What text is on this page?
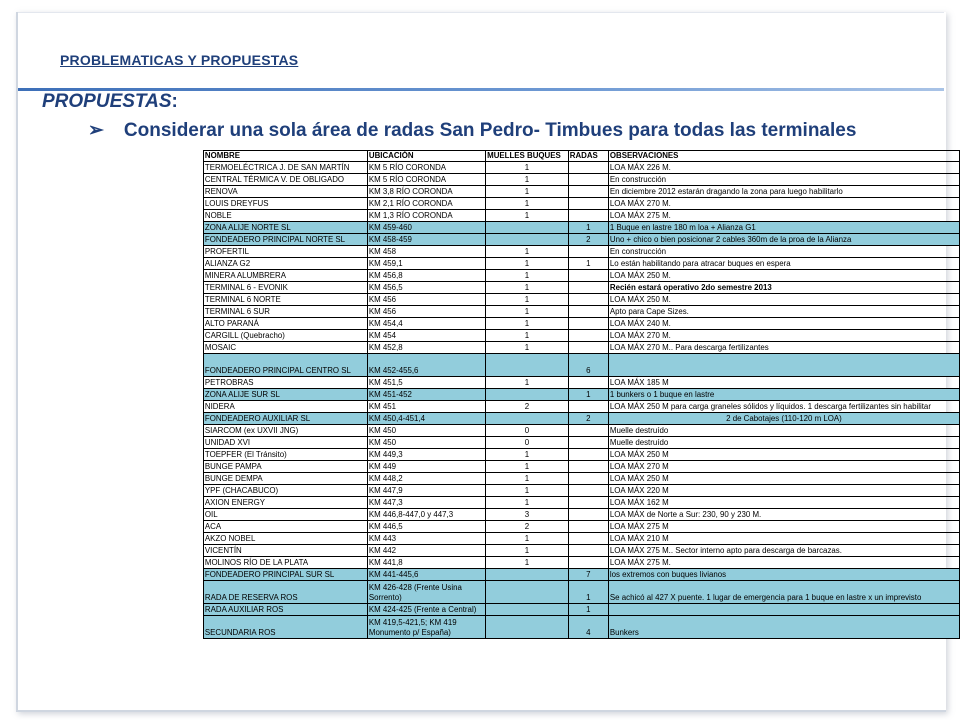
PROBLEMATICAS Y PROPUESTAS
PROPUESTAS:
➢ Considerar una sola área de radas San Pedro- Timbues para todas las terminales
	NOMBRE	UBICACIÓN	MUELLES BUQUES	RADAS	OBSERVACIONES
	TERMOELÉCTRICA J. DE SAN MARTÍN	KM 5 RÍO CORONDA	1		LOA MÁX 226 M.
	CENTRAL TÉRMICA V. DE OBLIGADO	KM 5 RÍO CORONDA	1		En construcción
	RENOVA	KM 3,8 RÍO CORONDA	1		En diciembre 2012 estarán dragando la zona para luego habilitarlo
	LOUIS DREYFUS	KM 2,1 RÍO CORONDA	1		LOA MÁX 270 M.
	NOBLE	KM 1,3 RÍO CORONDA	1		LOA MÁX 275 M.
	ZONA ALIJE NORTE SL	KM 459-460		1	1 Buque en lastre 180 m loa + Alianza G1
	FONDEADERO PRINCIPAL NORTE SL	KM 458-459		2	Uno + chico o bien posicionar 2 cables 360m de la proa de la Alianza
	PROFERTIL	KM 458	1		En construcción
	ALIANZA G2	KM 459,1	1	1	Lo están habilitando para atracar buques en espera
	MINERA ALUMBRERA	KM 456,8	1		LOA MÁX 250 M.
	TERMINAL 6 - EVONIK	KM 456,5	1		Recién estará operativo 2do semestre 2013
	TERMINAL 6 NORTE	KM 456	1		LOA MÁX 250 M.
	TERMINAL 6 SUR	KM 456	1		Apto para Cape Sizes.
	ALTO PARANÁ	KM 454,4	1		LOA MÁX 240 M.
	CARGILL (Quebracho)	KM 454	1		LOA MÁX 270 M.
	MOSAIC	KM 452,8	1		LOA MÁX 270 M.. Para descarga fertilizantes
	FONDEADERO PRINCIPAL CENTRO SL	KM 452-455,6		6	
	PETROBRAS	KM 451,5	1		LOA MÁX 185 M
	ZONA ALIJE SUR SL	KM 451-452		1	1 bunkers o 1 buque en lastre
	NIDERA	KM 451	2		LOA MÁX 250 M para carga graneles sólidos y líquidos. 1 descarga fertilizantes sin habilitar
	FONDEADERO AUXILIAR SL	KM 450,4-451,4		2	2 de Cabotajes (110-120 m LOA)
	SIARCOM (ex UXVII JNG)	KM 450	0		Muelle destruído
	UNIDAD XVI	KM 450	0		Muelle destruído
	TOEPFER (El Tránsito)	KM 449,3	1		LOA MÁX 250 M
	BUNGE PAMPA	KM 449	1		LOA MÁX 270 M
	BUNGE DEMPA	KM 448,2	1		LOA MÁX 250 M
	YPF (CHACABUCO)	KM 447,9	1		LOA MÁX 220 M
	AXION ENERGY	KM 447,3	1		LOA MÁX 162 M
	OIL	KM 446,8-447,0 y 447,3	3		LOA MÁX de Norte a Sur: 230, 90 y 230 M.
	ACA	KM 446,5	2		LOA MÁX 275 M
	AKZO NOBEL	KM 443	1		LOA MÁX 210 M
	VICENTÍN	KM 442	1		LOA MÁX 275 M.. Sector interno apto para descarga de barcazas.
	MOLINOS RÍO DE LA PLATA	KM 441,8	1		LOA MÁX 275 M.
	FONDEADERO PRINCIPAL SUR SL	KM 441-445,6		7	los extremos con buques livianos
	RADA DE RESERVA ROS	KM 426-428 (Frente Usina Sorrento)		1	Se achicó al 427 X puente. 1 lugar de emergencia para 1 buque en lastre x un imprevisto
	RADA AUXILIAR ROS	KM 424-425 (Frente a Central)		1	
	SECUNDARIA ROS	KM 419,5-421,5; KM 419 Monumento p/ España)		4	Bunkers
